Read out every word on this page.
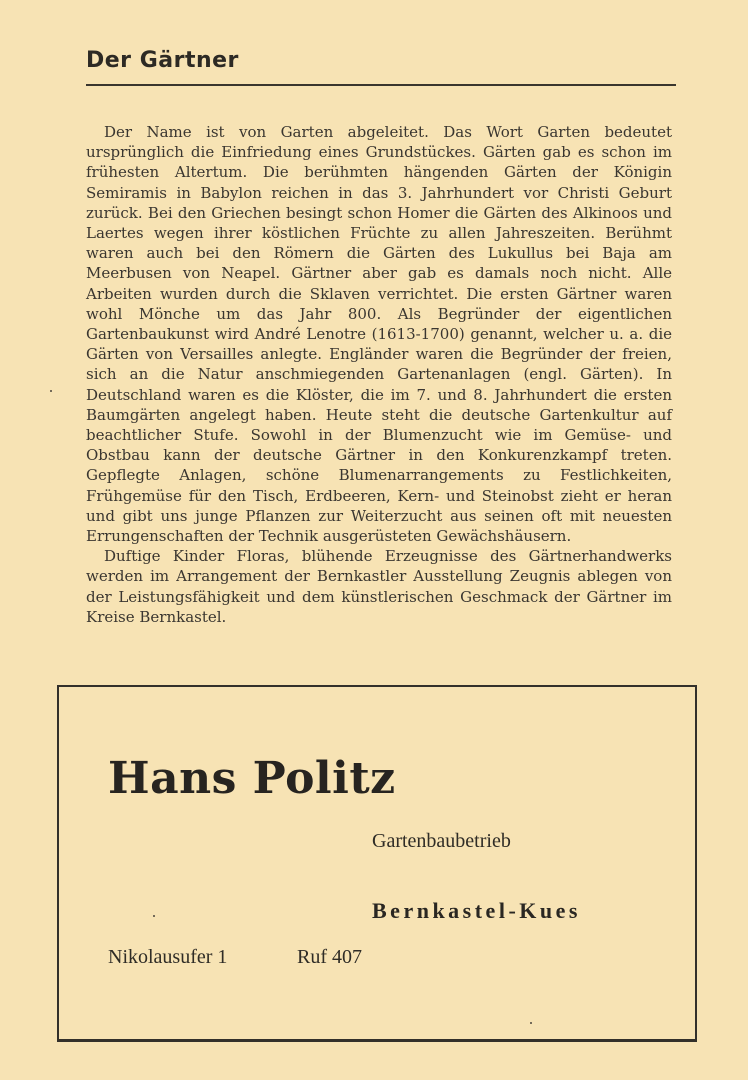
Der Gärtner

Der Name ist von Garten abgeleitet. Das Wort Garten bedeutet ursprünglich die Einfriedung eines Grundstückes. Gärten gab es schon im frühesten Altertum. Die berühmten hängenden Gärten der Königin Semiramis in Babylon reichen in das 3. Jahrhundert vor Christi Geburt zurück. Bei den Griechen besingt schon Homer die Gärten des Alkinoos und Laertes wegen ihrer köstlichen Früchte zu allen Jahreszeiten. Berühmt waren auch bei den Römern die Gärten des Lukullus bei Baja am Meerbusen von Neapel. Gärtner aber gab es damals noch nicht. Alle Arbeiten wurden durch die Sklaven verrichtet. Die ersten Gärtner waren wohl Mönche um das Jahr 800. Als Begründer der eigentlichen Gartenbaukunst wird André Lenotre (1613-1700) genannt, welcher u. a. die Gärten von Versailles anlegte. Engländer waren die Begründer der freien, sich an die Natur anschmiegenden Gartenanlagen (engl. Gärten). In Deutschland waren es die Klöster, die im 7. und 8. Jahrhundert die ersten Baumgärten angelegt haben. Heute steht die deutsche Gartenkultur auf beachtlicher Stufe. Sowohl in der Blumenzucht wie im Gemüse- und Obstbau kann der deutsche Gärtner in den Konkurenzkampf treten. Gepflegte Anlagen, schöne Blumenarrangements zu Festlichkeiten, Frühgemüse für den Tisch, Erdbeeren, Kern- und Steinobst zieht er heran und gibt uns junge Pflanzen zur Weiterzucht aus seinen oft mit neuesten Errungenschaften der Technik ausgerüsteten Gewächshäusern.

Duftige Kinder Floras, blühende Erzeugnisse des Gärtnerhandwerks werden im Arrangement der Bernkastler Ausstellung Zeugnis ablegen von der Leistungsfähigkeit und dem künstlerischen Geschmack der Gärtner im Kreise Bernkastel.

Hans Politz
Gartenbaubetrieb
Bernkastel-Kues
Nikolausufer 1	Ruf 407
